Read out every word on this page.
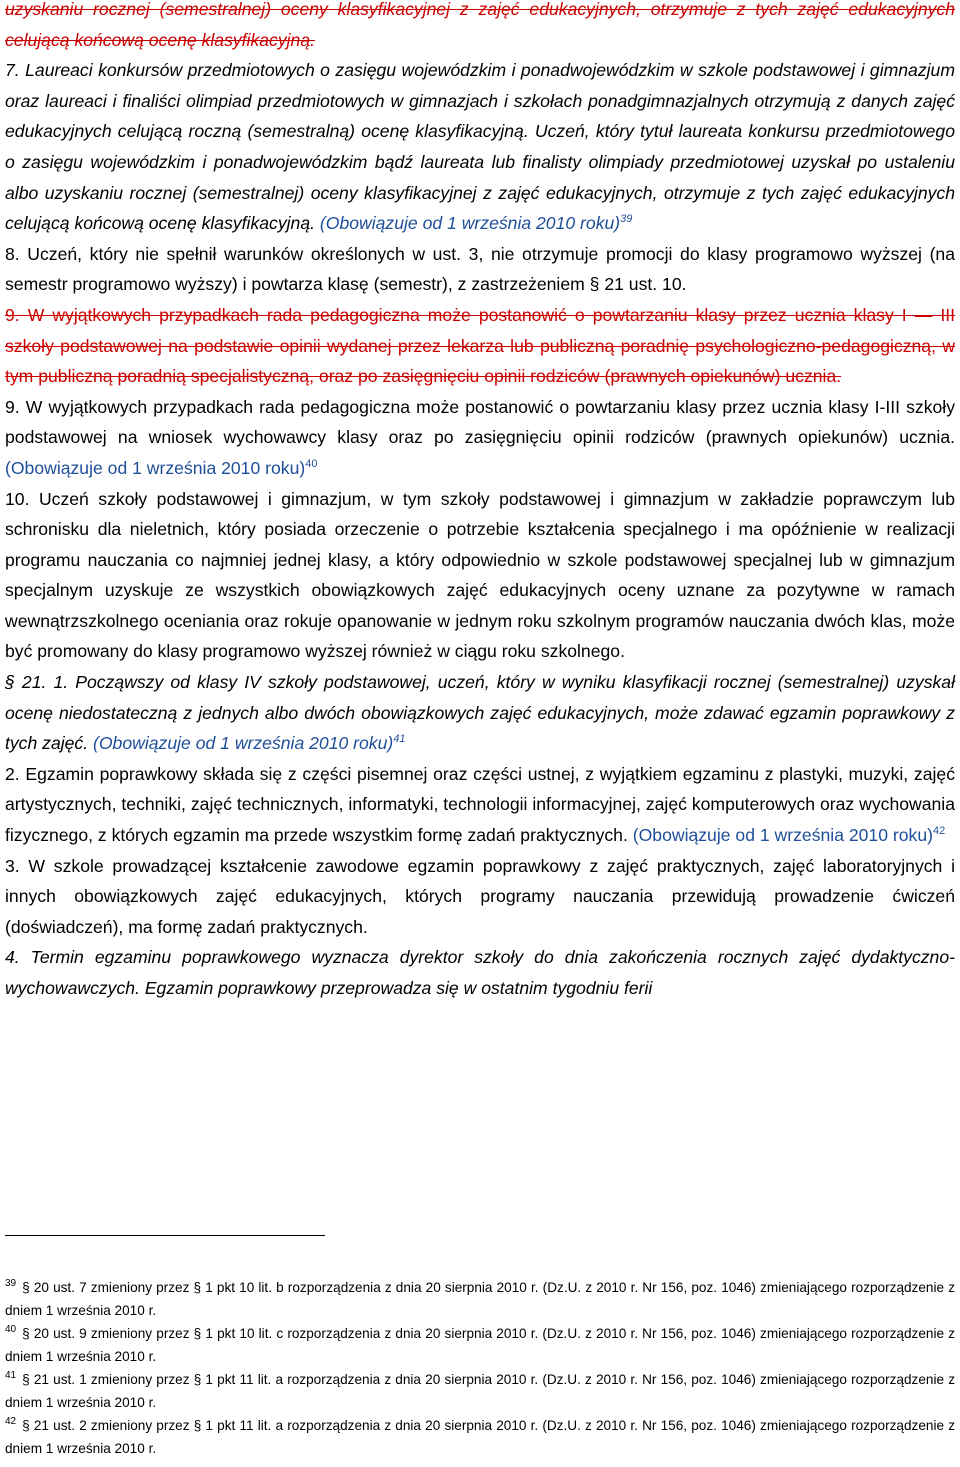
uzyskaniu rocznej (semestralnej) oceny klasyfikacyjnej z zajęć edukacyjnych, otrzymuje z tych zajęć edukacyjnych celującą końcową ocenę klasyfikacyjną.

7. Laureaci konkursów przedmiotowych o zasięgu wojewódzkim i ponadwojewódzkim w szkole podstawowej i gimnazjum oraz laureaci i finaliści olimpiad przedmiotowych w gimnazjach i szkołach ponadgimnazjalnych otrzymują z danych zajęć edukacyjnych celującą roczną (semestralną) ocenę klasyfikacyjną. Uczeń, który tytuł laureata konkursu przedmiotowego o zasięgu wojewódzkim i ponadwojewódzkim bądź laureata lub finalisty olimpiady przedmiotowej uzyskał po ustaleniu albo uzyskaniu rocznej (semestralnej) oceny klasyfikacyjnej z zajęć edukacyjnych, otrzymuje z tych zajęć edukacyjnych celującą końcową ocenę klasyfikacyjną. (Obowiązuje od 1 września 2010 roku)$^{39}$

8. Uczeń, który nie spełnił warunków określonych w ust. 3, nie otrzymuje promocji do klasy programowo wyższej (na semestr programowo wyższy) i powtarza klasę (semestr), z zastrzeżeniem § 21 ust. 10.

9. W wyjątkowych przypadkach rada pedagogiczna może postanowić o powtarzaniu klasy przez ucznia klasy I — III szkoły podstawowej na podstawie opinii wydanej przez lekarza lub publiczną poradnię psychologiczno-pedagogiczną, w tym publiczną poradnią specjalistyczną, oraz po zasięgnięciu opinii rodziców (prawnych opiekunów) ucznia.

9. W wyjątkowych przypadkach rada pedagogiczna może postanowić o powtarzaniu klasy przez ucznia klasy I-III szkoły podstawowej na wniosek wychowawcy klasy oraz po zasięgnięciu opinii rodziców (prawnych opiekunów) ucznia. (Obowiązuje od 1 września 2010 roku)$^{40}$

10. Uczeń szkoły podstawowej i gimnazjum, w tym szkoły podstawowej i gimnazjum w zakładzie poprawczym lub schronisku dla nieletnich, który posiada orzeczenie o potrzebie kształcenia specjalnego i ma opóźnienie w realizacji programu nauczania co najmniej jednej klasy, a który odpowiednio w szkole podstawowej specjalnej lub w gimnazjum specjalnym uzyskuje ze wszystkich obowiązkowych zajęć edukacyjnych oceny uznane za pozytywne w ramach wewnątrzszkolnego oceniania oraz rokuje opanowanie w jednym roku szkolnym programów nauczania dwóch klas, może być promowany do klasy programowo wyższej również w ciągu roku szkolnego.

§ 21. 1. Począwszy od klasy IV szkoły podstawowej, uczeń, który w wyniku klasyfikacji rocznej (semestralnej) uzyskał ocenę niedostateczną z jednych albo dwóch obowiązkowych zajęć edukacyjnych, może zdawać egzamin poprawkowy z tych zajęć. (Obowiązuje od 1 września 2010 roku)$^{41}$

2. Egzamin poprawkowy składa się z części pisemnej oraz części ustnej, z wyjątkiem egzaminu z plastyki, muzyki, zajęć artystycznych, techniki, zajęć technicznych, informatyki, technologii informacyjnej, zajęć komputerowych oraz wychowania fizycznego, z których egzamin ma przede wszystkim formę zadań praktycznych. (Obowiązuje od 1 września 2010 roku)$^{42}$

3. W szkole prowadzącej kształcenie zawodowe egzamin poprawkowy z zajęć praktycznych, zajęć laboratoryjnych i innych obowiązkowych zajęć edukacyjnych, których programy nauczania przewidują prowadzenie ćwiczeń (doświadczeń), ma formę zadań praktycznych.

4. Termin egzaminu poprawkowego wyznacza dyrektor szkoły do dnia zakończenia rocznych zajęć dydaktyczno-wychowawczych. Egzamin poprawkowy przeprowadza się w ostatnim tygodniu ferii

$^{39}$ § 20 ust. 7 zmieniony przez § 1 pkt 10 lit. b rozporządzenia z dnia 20 sierpnia 2010 r. (Dz.U. z 2010 r. Nr 156, poz. 1046) zmieniającego rozporządzenie z dniem 1 września 2010 r.

$^{40}$ § 20 ust. 9 zmieniony przez § 1 pkt 10 lit. c rozporządzenia z dnia 20 sierpnia 2010 r. (Dz.U. z 2010 r. Nr 156, poz. 1046) zmieniającego rozporządzenie z dniem 1 września 2010 r.

$^{41}$ § 21 ust. 1 zmieniony przez § 1 pkt 11 lit. a rozporządzenia z dnia 20 sierpnia 2010 r. (Dz.U. z 2010 r. Nr 156, poz. 1046) zmieniającego rozporządzenie z dniem 1 września 2010 r.

$^{42}$ § 21 ust. 2 zmieniony przez § 1 pkt 11 lit. a rozporządzenia z dnia 20 sierpnia 2010 r. (Dz.U. z 2010 r. Nr 156, poz. 1046) zmieniającego rozporządzenie z dniem 1 września 2010 r.
